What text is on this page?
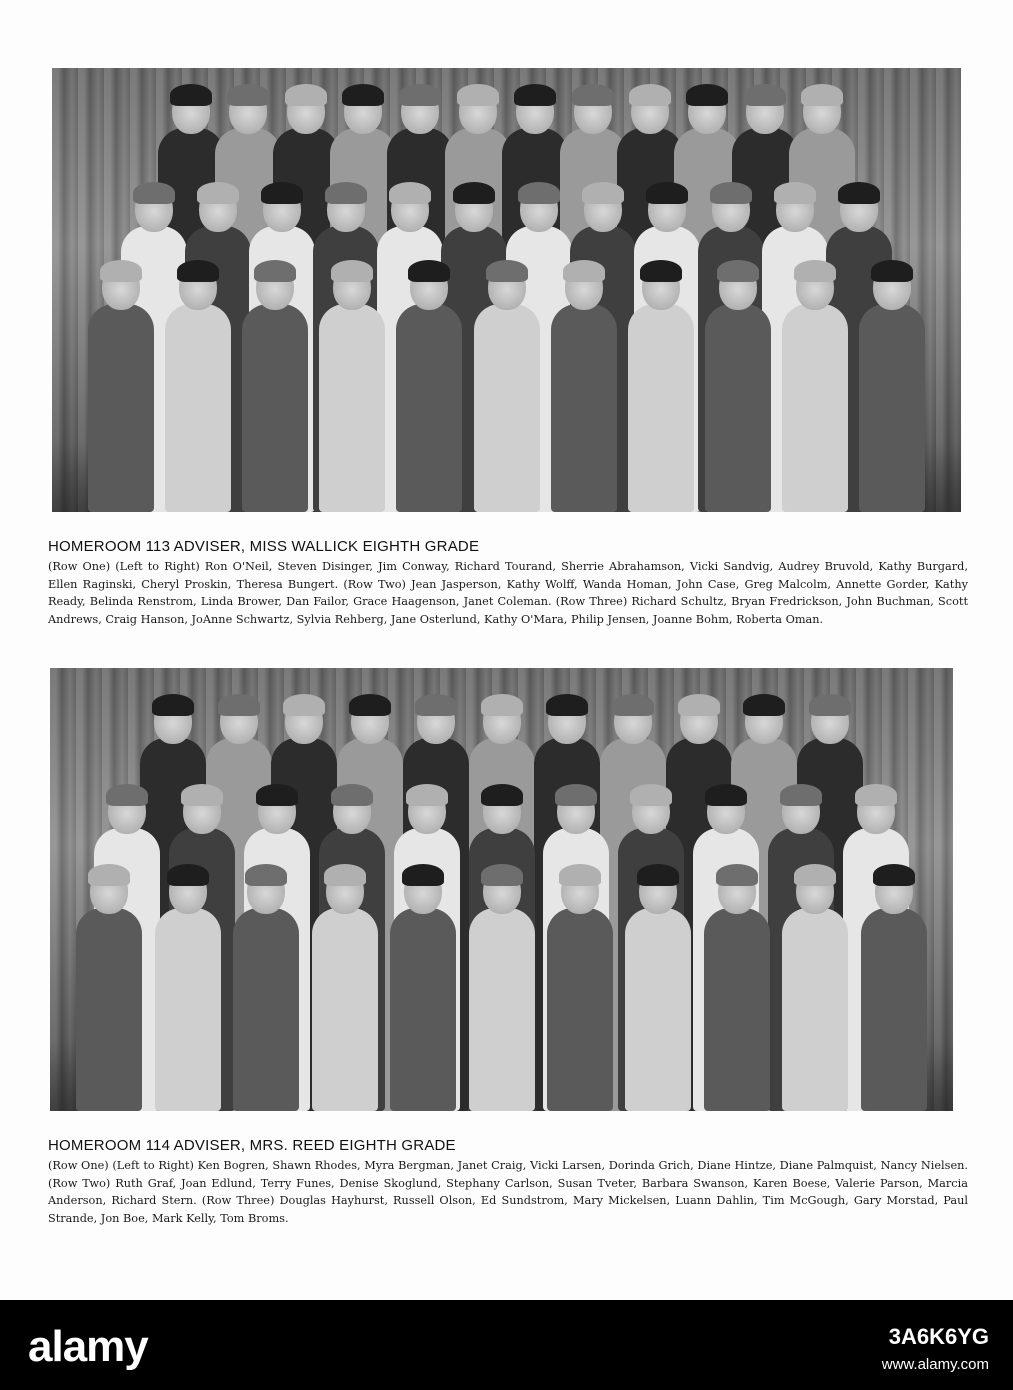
HOMEROOM 113 ADVISER, MISS WALLICK EIGHTH GRADE
(Row One) (Left to Right) Ron O'Neil, Steven Disinger, Jim Conway, Richard Tourand, Sherrie Abrahamson, Vicki Sandvig, Audrey Bruvold, Kathy Burgard, Ellen Raginski, Cheryl Proskin, Theresa Bungert. (Row Two) Jean Jasperson, Kathy Wolff, Wanda Homan, John Case, Greg Malcolm, Annette Gorder, Kathy Ready, Belinda Renstrom, Linda Brower, Dan Failor, Grace Haagenson, Janet Coleman. (Row Three) Richard Schultz, Bryan Fredrickson, John Buchman, Scott Andrews, Craig Hanson, JoAnne Schwartz, Sylvia Rehberg, Jane Osterlund, Kathy O'Mara, Philip Jensen, Joanne Bohm, Roberta Oman.
HOMEROOM 114 ADVISER, MRS. REED EIGHTH GRADE
(Row One) (Left to Right) Ken Bogren, Shawn Rhodes, Myra Bergman, Janet Craig, Vicki Larsen, Dorinda Grich, Diane Hintze, Diane Palmquist, Nancy Nielsen. (Row Two) Ruth Graf, Joan Edlund, Terry Funes, Denise Skoglund, Stephany Carlson, Susan Tveter, Barbara Swanson, Karen Boese, Valerie Parson, Marcia Anderson, Richard Stern. (Row Three) Douglas Hayhurst, Russell Olson, Ed Sundstrom, Mary Mickelsen, Luann Dahlin, Tim McGough, Gary Morstad, Paul Strande, Jon Boe, Mark Kelly, Tom Broms.
alamy	3A6K6YG
www.alamy.com
